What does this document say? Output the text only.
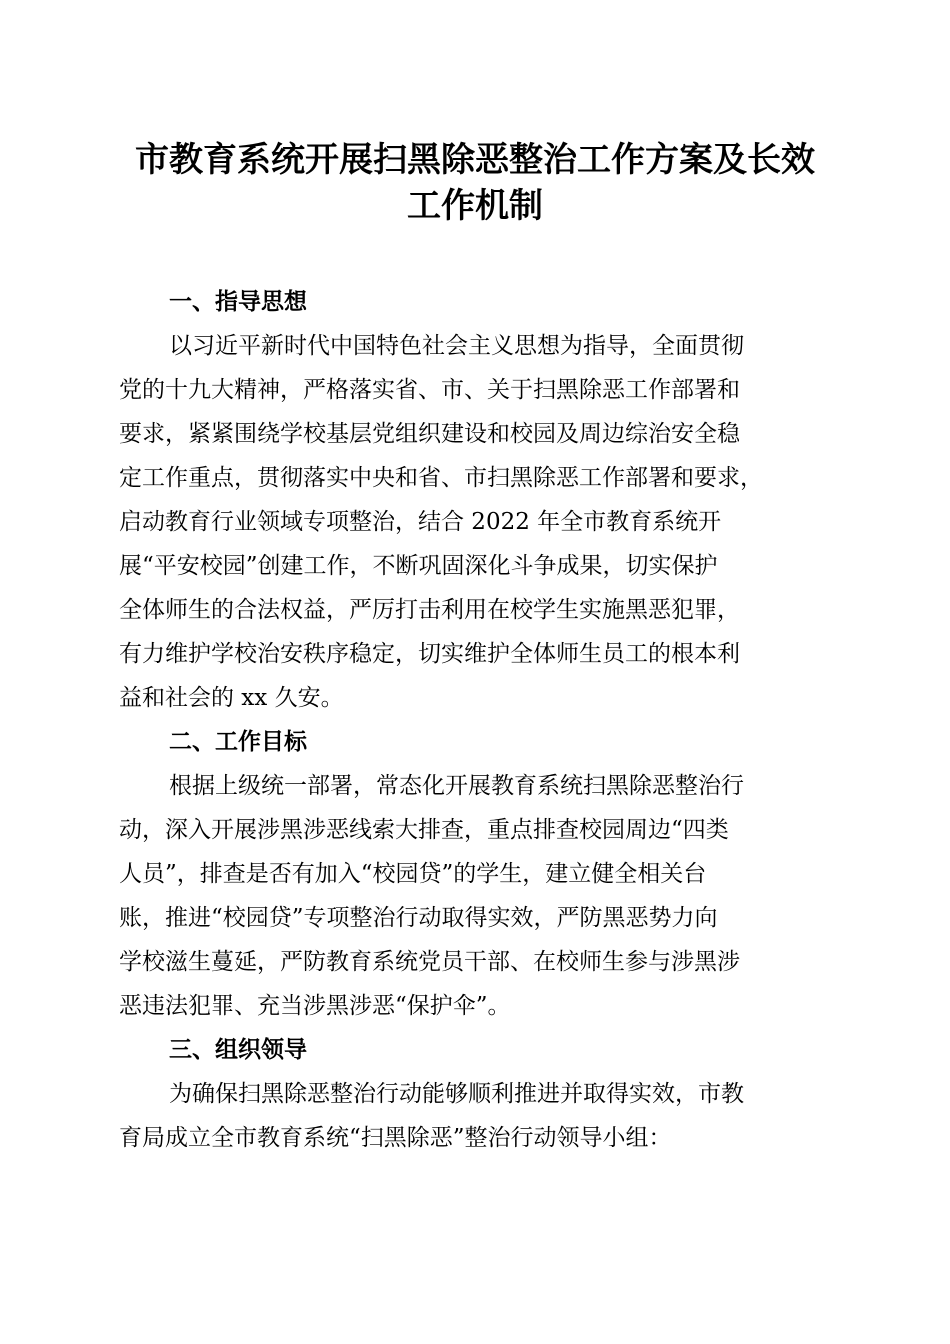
市教育系统开展扫黑除恶整治工作方案及长效
工作机制
一、指导思想
以习近平新时代中国特色社会主义思想为指导，全面贯彻
党的十九大精神，严格落实省、市、关于扫黑除恶工作部署和
要求，紧紧围绕学校基层党组织建设和校园及周边综治安全稳
定工作重点，贯彻落实中央和省、市扫黑除恶工作部署和要求，
启动教育行业领域专项整治，结合 2022 年全市教育系统开
展“平安校园”创建工作，不断巩固深化斗争成果，切实保护
全体师生的合法权益，严厉打击利用在校学生实施黑恶犯罪，
有力维护学校治安秩序稳定，切实维护全体师生员工的根本利
益和社会的 xx 久安。
二、工作目标
根据上级统一部署，常态化开展教育系统扫黑除恶整治行
动，深入开展涉黑涉恶线索大排查，重点排查校园周边“四类
人员”，排查是否有加入“校园贷”的学生，建立健全相关台
账，推进“校园贷”专项整治行动取得实效，严防黑恶势力向
学校滋生蔓延，严防教育系统党员干部、在校师生参与涉黑涉
恶违法犯罪、充当涉黑涉恶“保护伞”。
三、组织领导
为确保扫黑除恶整治行动能够顺利推进并取得实效，市教
育局成立全市教育系统“扫黑除恶”整治行动领导小组：
